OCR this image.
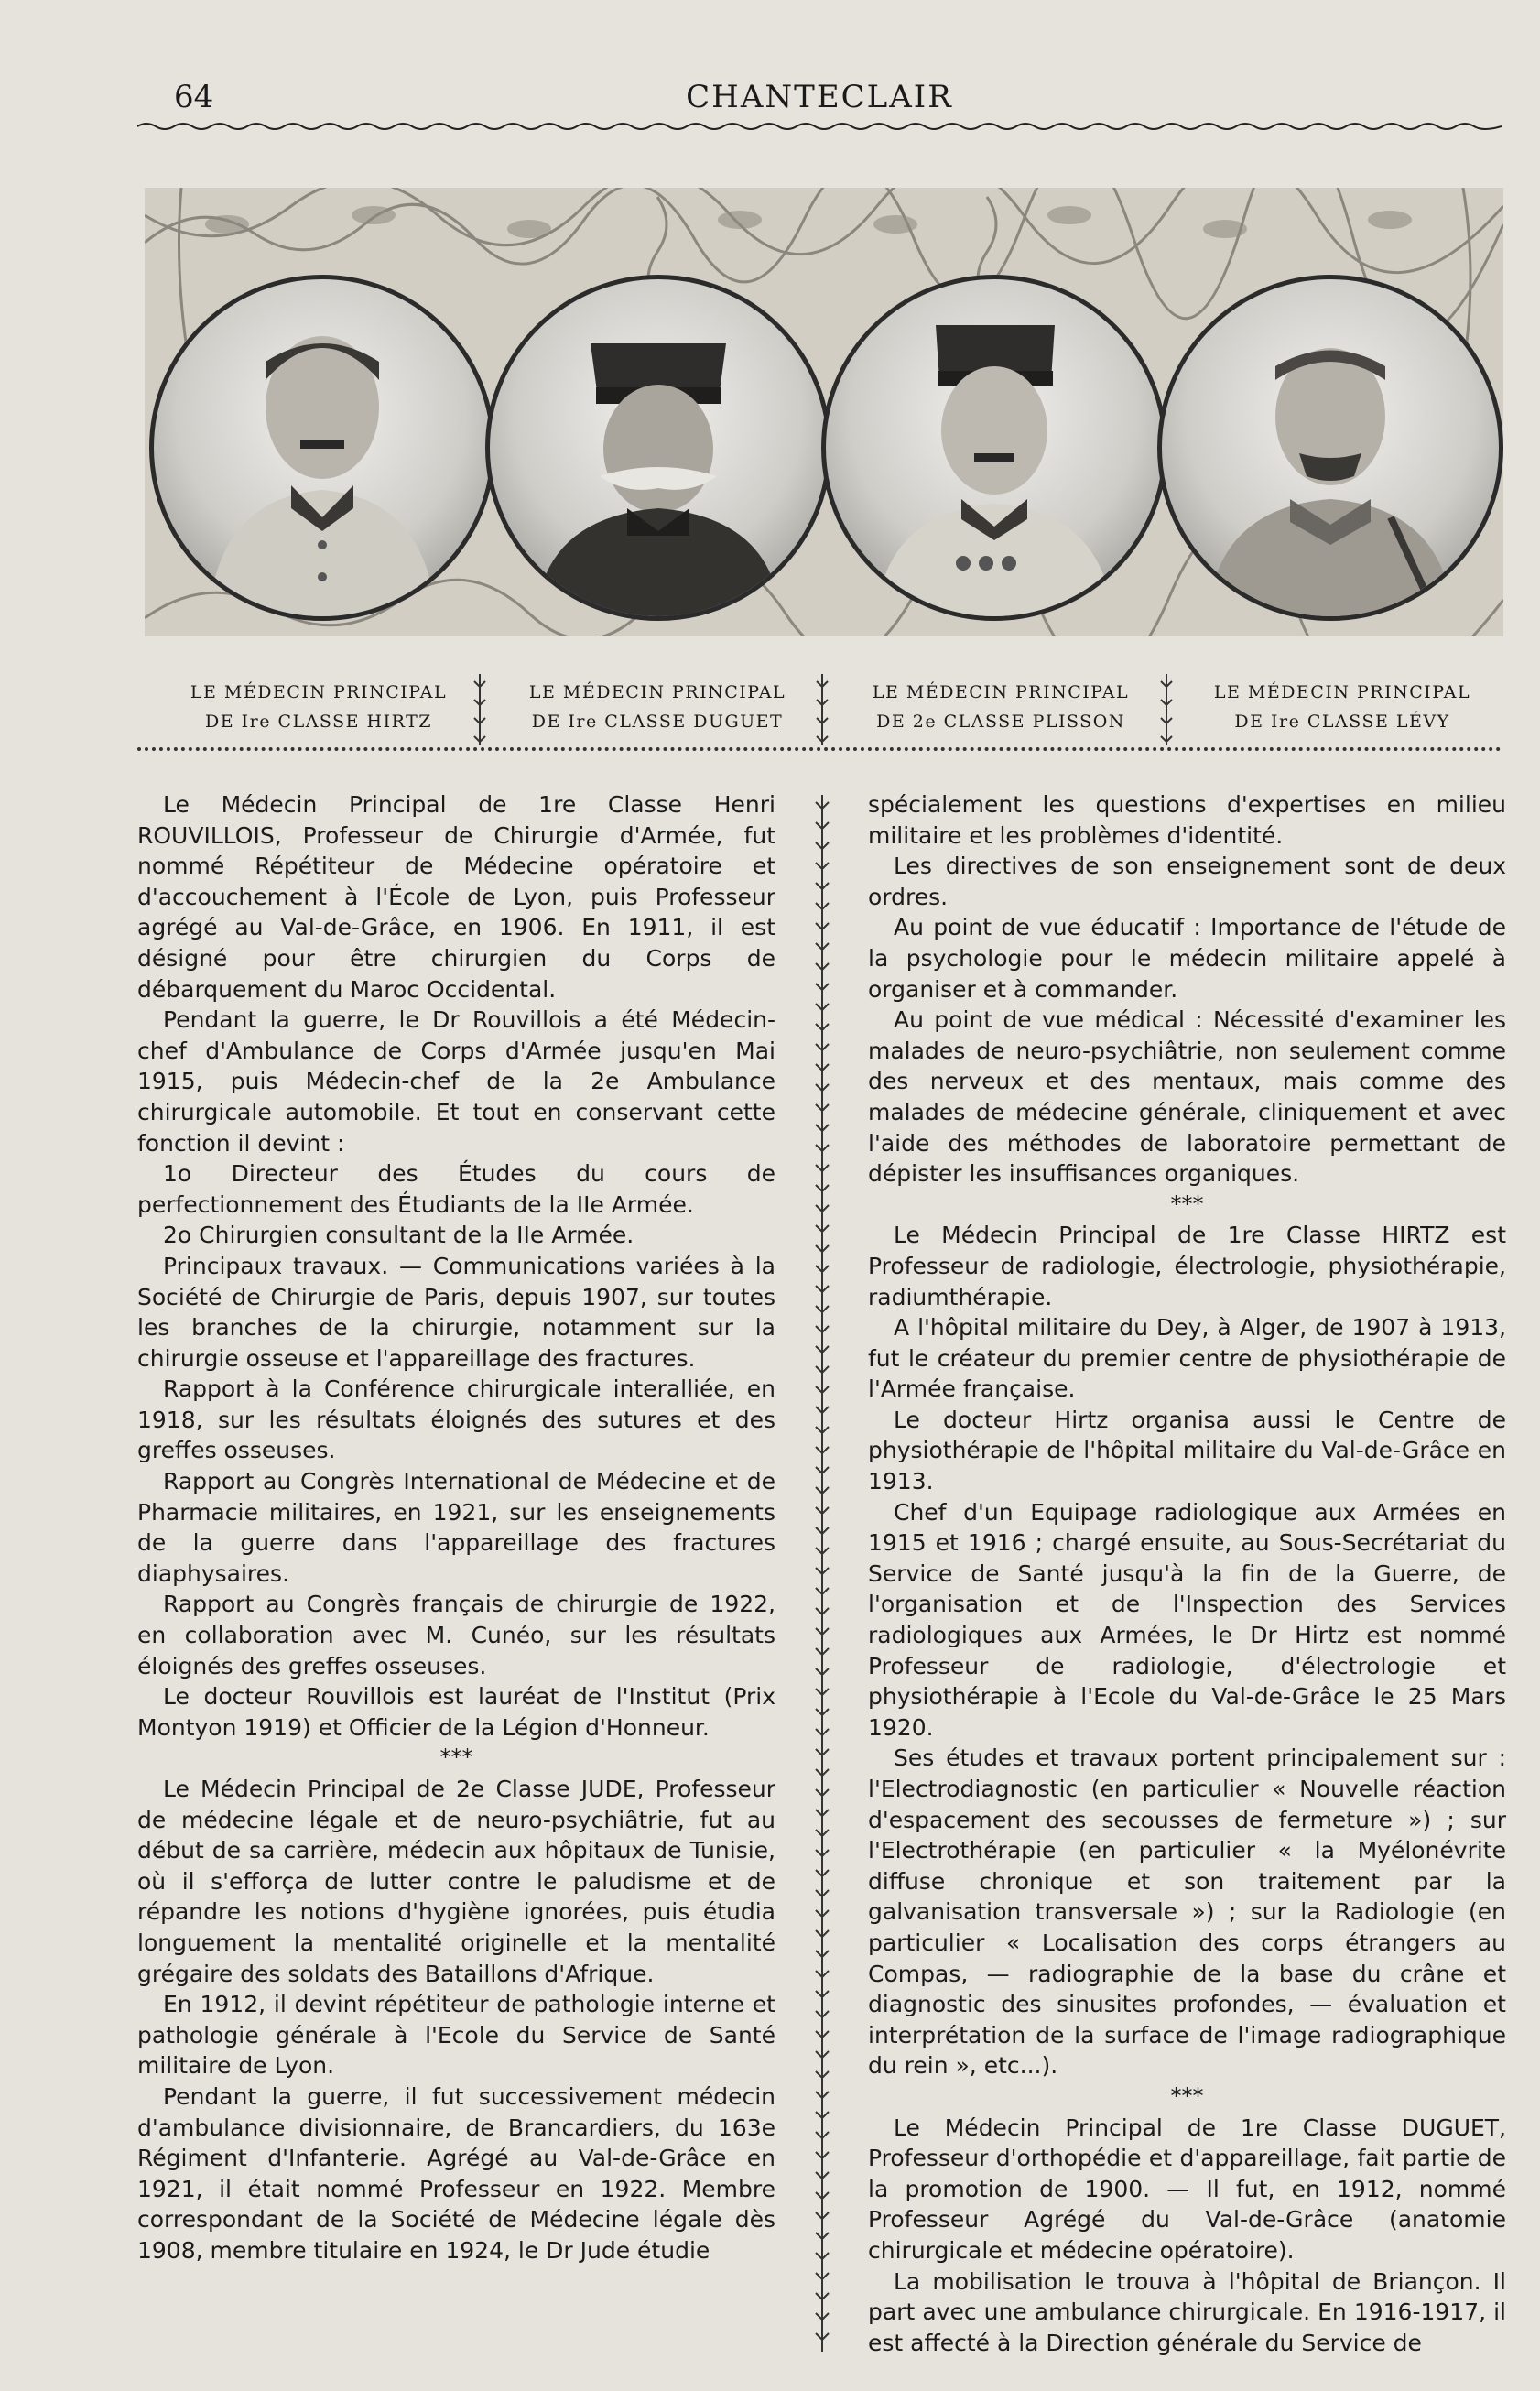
64	CHANTECLAIR
LE MÉDECIN PRINCIPAL
DE Ire CLASSE HIRTZ
LE MÉDECIN PRINCIPAL
DE Ire CLASSE DUGUET
LE MÉDECIN PRINCIPAL
DE 2e CLASSE PLISSON
LE MÉDECIN PRINCIPAL
DE Ire CLASSE LÉVY

Le Médecin Principal de 1re Classe Henri ROUVILLOIS, Professeur de Chirurgie d'Armée, fut nommé Répétiteur de Médecine opératoire et d'accouchement à l'École de Lyon, puis Professeur agrégé au Val-de-Grâce, en 1906. En 1911, il est désigné pour être chirurgien du Corps de débarquement du Maroc Occidental.

Pendant la guerre, le Dr Rouvillois a été Médecin-chef d'Ambulance de Corps d'Armée jusqu'en Mai 1915, puis Médecin-chef de la 2e Ambulance chirurgicale automobile. Et tout en conservant cette fonction il devint :

1o Directeur des Études du cours de perfectionnement des Étudiants de la IIe Armée.

2o Chirurgien consultant de la IIe Armée.

Principaux travaux. — Communications variées à la Société de Chirurgie de Paris, depuis 1907, sur toutes les branches de la chirurgie, notamment sur la chirurgie osseuse et l'appareillage des fractures.

Rapport à la Conférence chirurgicale interalliée, en 1918, sur les résultats éloignés des sutures et des greffes osseuses.

Rapport au Congrès International de Médecine et de Pharmacie militaires, en 1921, sur les enseignements de la guerre dans l'appareillage des fractures diaphysaires.

Rapport au Congrès français de chirurgie de 1922, en collaboration avec M. Cunéo, sur les résultats éloignés des greffes osseuses.

Le docteur Rouvillois est lauréat de l'Institut (Prix Montyon 1919) et Officier de la Légion d'Honneur.

***

Le Médecin Principal de 2e Classe JUDE, Professeur de médecine légale et de neuro-psychiâtrie, fut au début de sa carrière, médecin aux hôpitaux de Tunisie, où il s'efforça de lutter contre le paludisme et de répandre les notions d'hygiène ignorées, puis étudia longuement la mentalité originelle et la mentalité grégaire des soldats des Bataillons d'Afrique.

En 1912, il devint répétiteur de pathologie interne et pathologie générale à l'Ecole du Service de Santé militaire de Lyon.

Pendant la guerre, il fut successivement médecin d'ambulance divisionnaire, de Brancardiers, du 163e Régiment d'Infanterie. Agrégé au Val-de-Grâce en 1921, il était nommé Professeur en 1922. Membre correspondant de la Société de Médecine légale dès 1908, membre titulaire en 1924, le Dr Jude étudie

spécialement les questions d'expertises en milieu militaire et les problèmes d'identité.

Les directives de son enseignement sont de deux ordres.

Au point de vue éducatif : Importance de l'étude de la psychologie pour le médecin militaire appelé à organiser et à commander.

Au point de vue médical : Nécessité d'examiner les malades de neuro-psychiâtrie, non seulement comme des nerveux et des mentaux, mais comme des malades de médecine générale, cliniquement et avec l'aide des méthodes de laboratoire permettant de dépister les insuffisances organiques.

***

Le Médecin Principal de 1re Classe HIRTZ est Professeur de radiologie, électrologie, physiothérapie, radiumthérapie.

A l'hôpital militaire du Dey, à Alger, de 1907 à 1913, fut le créateur du premier centre de physiothérapie de l'Armée française.

Le docteur Hirtz organisa aussi le Centre de physiothérapie de l'hôpital militaire du Val-de-Grâce en 1913.

Chef d'un Equipage radiologique aux Armées en 1915 et 1916 ; chargé ensuite, au Sous-Secrétariat du Service de Santé jusqu'à la fin de la Guerre, de l'organisation et de l'Inspection des Services radiologiques aux Armées, le Dr Hirtz est nommé Professeur de radiologie, d'électrologie et physiothérapie à l'Ecole du Val-de-Grâce le 25 Mars 1920.

Ses études et travaux portent principalement sur : l'Electrodiagnostic (en particulier « Nouvelle réaction d'espacement des secousses de fermeture ») ; sur l'Electrothérapie (en particulier « la Myélonévrite diffuse chronique et son traitement par la galvanisation transversale ») ; sur la Radiologie (en particulier « Localisation des corps étrangers au Compas, — radiographie de la base du crâne et diagnostic des sinusites profondes, — évaluation et interprétation de la surface de l'image radiographique du rein », etc...).

***

Le Médecin Principal de 1re Classe DUGUET, Professeur d'orthopédie et d'appareillage, fait partie de la promotion de 1900. — Il fut, en 1912, nommé Professeur Agrégé du Val-de-Grâce (anatomie chirurgicale et médecine opératoire).

La mobilisation le trouva à l'hôpital de Briançon. Il part avec une ambulance chirurgicale. En 1916-1917, il est affecté à la Direction générale du Service de
